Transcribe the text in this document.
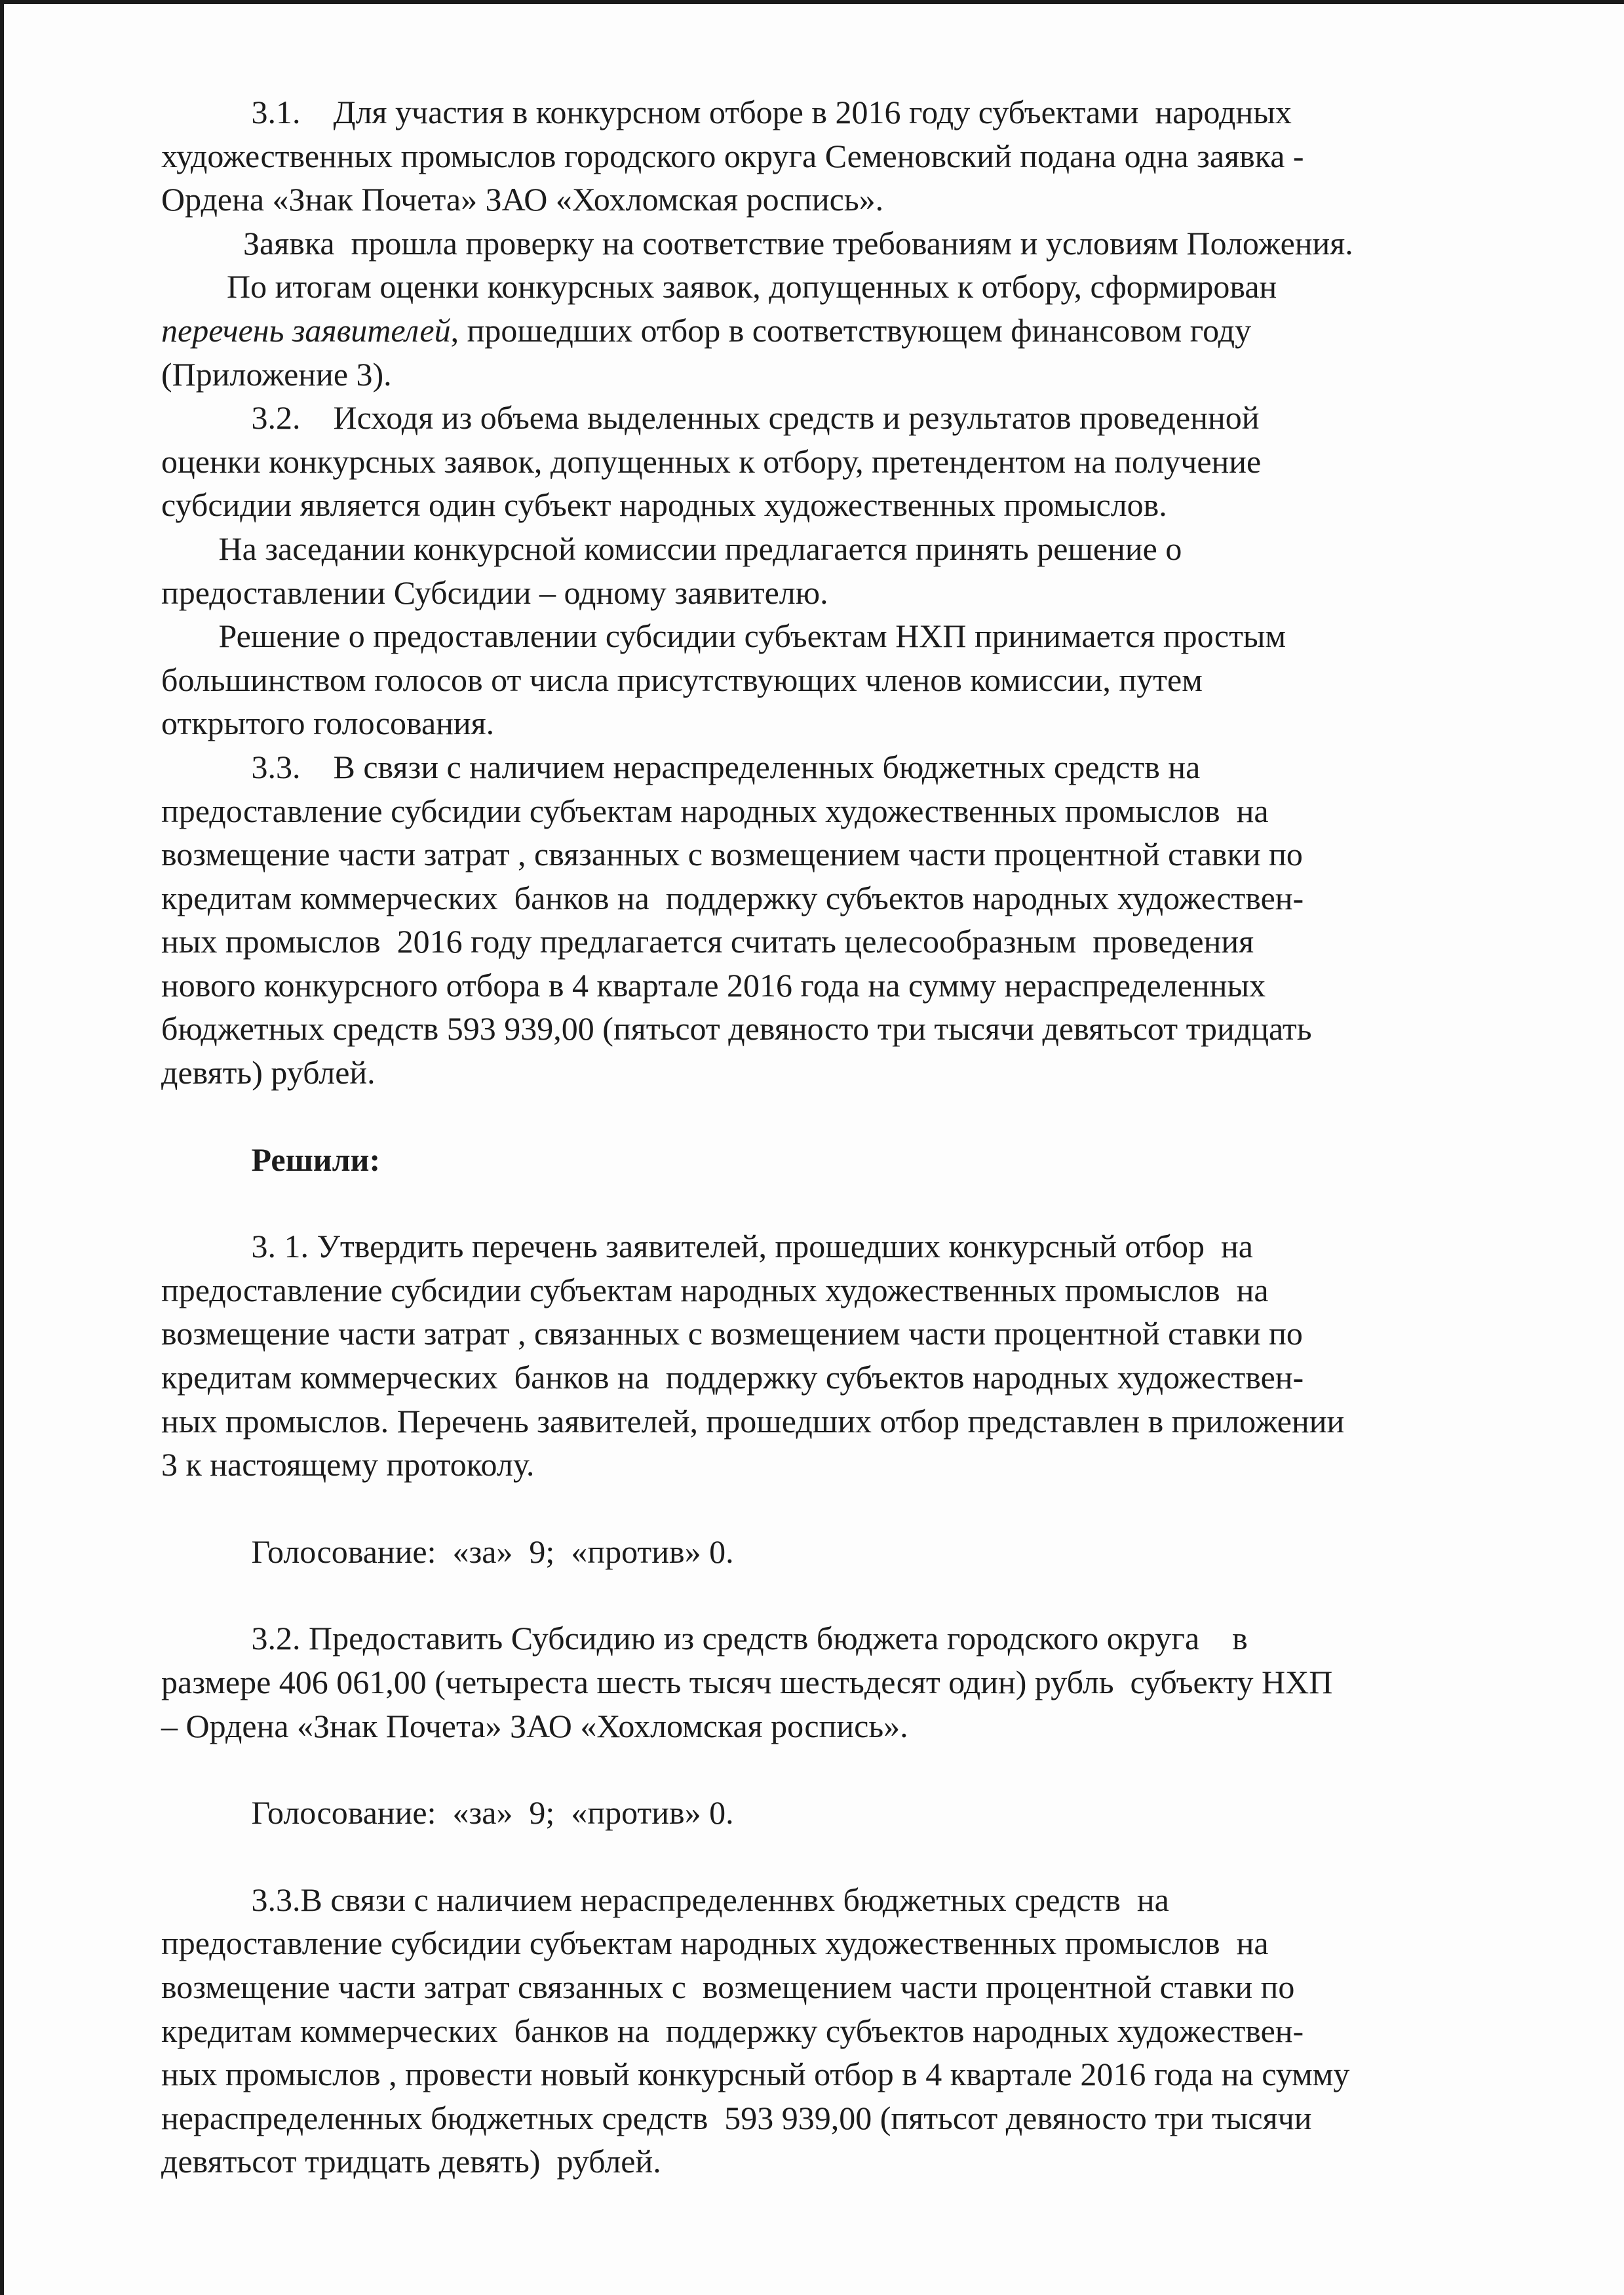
3.1.    Для участия в конкурсном отборе в 2016 году субъектами  народных
художественных промыслов городского округа Семеновский подана одна заявка -
Ордена «Знак Почета» ЗАО «Хохломская роспись».
Заявка  прошла проверку на соответствие требованиям и условиям Положения.
По итогам оценки конкурсных заявок, допущенных к отбору, сформирован
перечень заявителей, прошедших отбор в соответствующем финансовом году
(Приложение 3).
3.2.    Исходя из объема выделенных средств и результатов проведенной
оценки конкурсных заявок, допущенных к отбору, претендентом на получение
субсидии является один субъект народных художественных промыслов.
На заседании конкурсной комиссии предлагается принять решение о
предоставлении Субсидии – одному заявителю.
Решение о предоставлении субсидии субъектам НХП принимается простым
большинством голосов от числа присутствующих членов комиссии, путем
открытого голосования.
3.3.    В связи с наличием нераспределенных бюджетных средств на
предоставление субсидии субъектам народных художественных промыслов  на
возмещение части затрат , связанных с возмещением части процентной ставки по
кредитам коммерческих  банков на  поддержку субъектов народных художествен-
ных промыслов  2016 году предлагается считать целесообразным  проведения
нового конкурсного отбора в 4 квартале 2016 года на сумму нераспределенных
бюджетных средств 593 939,00 (пятьсот девяносто три тысячи девятьсот тридцать
девять) рублей.
Решили:
3. 1. Утвердить перечень заявителей, прошедших конкурсный отбор  на
предоставление субсидии субъектам народных художественных промыслов  на
возмещение части затрат , связанных с возмещением части процентной ставки по
кредитам коммерческих  банков на  поддержку субъектов народных художествен-
ных промыслов. Перечень заявителей, прошедших отбор представлен в приложении
3 к настоящему протоколу.
Голосование:  «за»  9;  «против» 0.
3.2. Предоставить Субсидию из средств бюджета городского округа    в
размере 406 061,00 (четыреста шесть тысяч шестьдесят один) рубль  субъекту НХП
– Ордена «Знак Почета» ЗАО «Хохломская роспись».
Голосование:  «за»  9;  «против» 0.
3.3.В связи с наличием нераспределеннвх бюджетных средств  на
предоставление субсидии субъектам народных художественных промыслов  на
возмещение части затрат связанных с  возмещением части процентной ставки по
кредитам коммерческих  банков на  поддержку субъектов народных художествен-
ных промыслов , провести новый конкурсный отбор в 4 квартале 2016 года на сумму
нераспределенных бюджетных средств  593 939,00 (пятьсот девяносто три тысячи
девятьсот тридцать девять)  рублей.
